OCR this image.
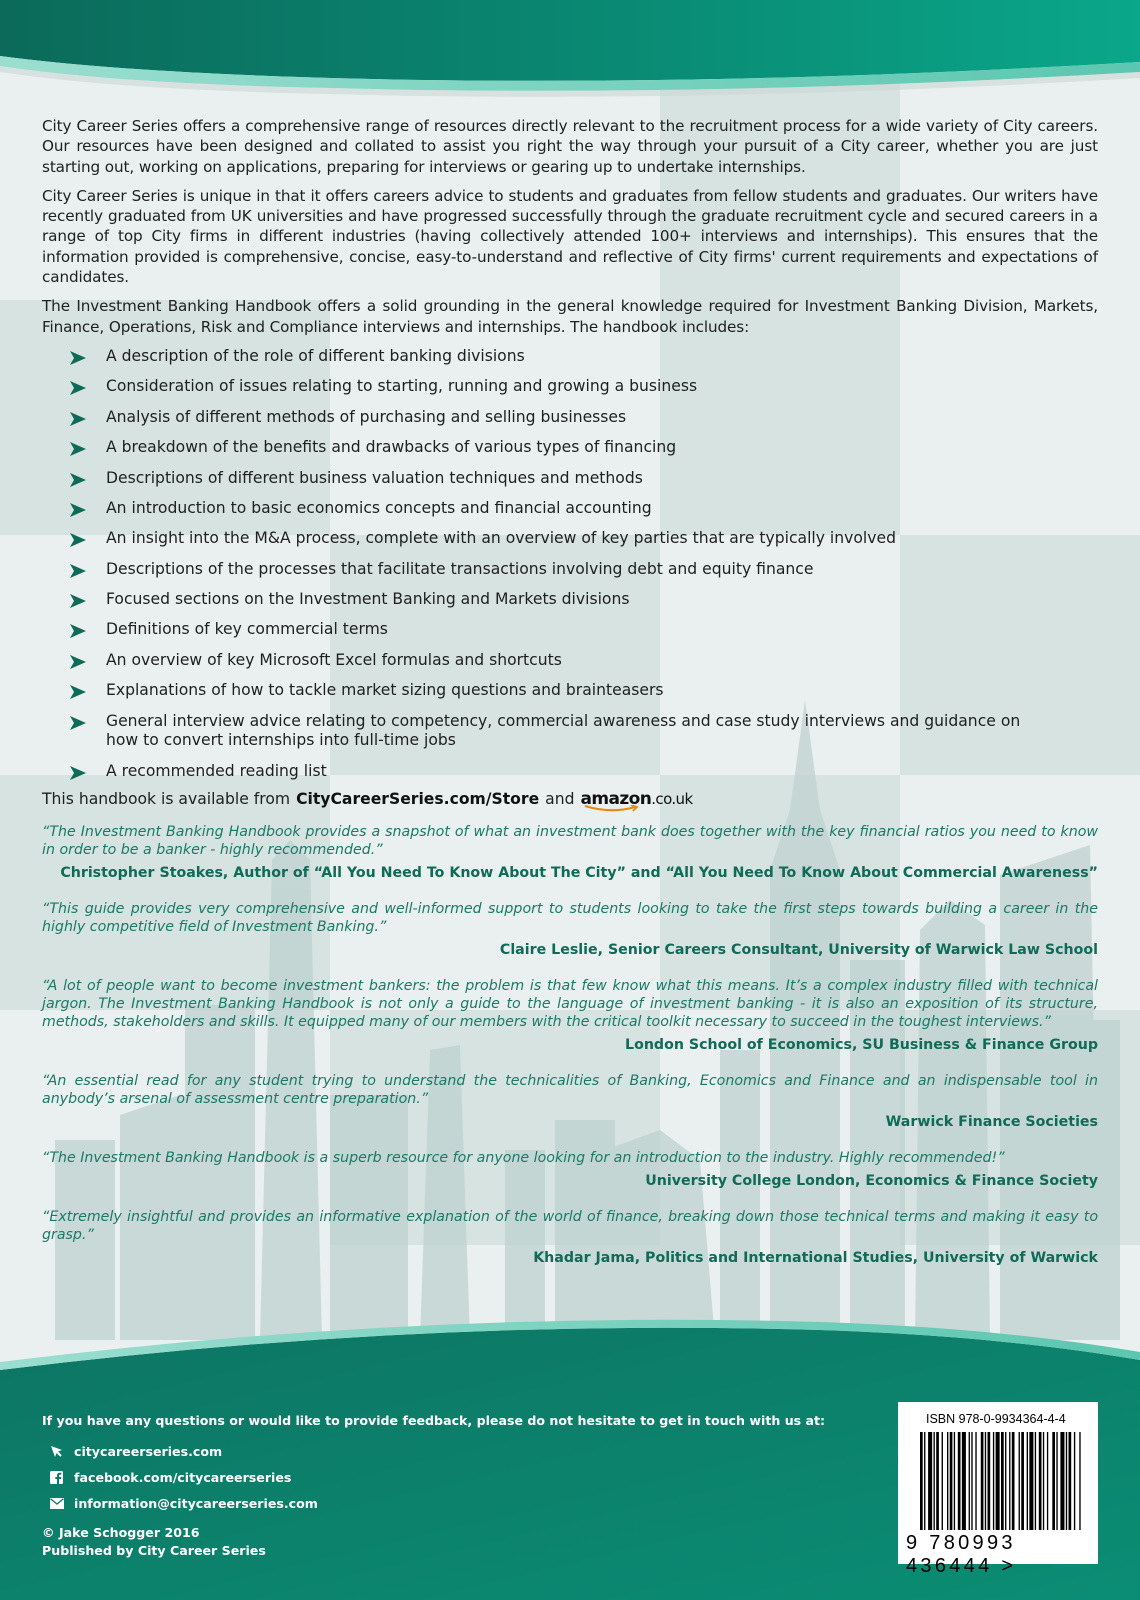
City Career Series offers a comprehensive range of resources directly relevant to the recruitment process for a wide variety of City careers. Our resources have been designed and collated to assist you right the way through your pursuit of a City career, whether you are just starting out, working on applications, preparing for interviews or gearing up to undertake internships.

City Career Series is unique in that it offers careers advice to students and graduates from fellow students and graduates. Our writers have recently graduated from UK universities and have progressed successfully through the graduate recruitment cycle and secured careers in a range of top City firms in different industries (having collectively attended 100+ interviews and internships). This ensures that the information provided is comprehensive, concise, easy-to-understand and reflective of City firms' current requirements and expectations of candidates.

The Investment Banking Handbook offers a solid grounding in the general knowledge required for Investment Banking Division, Markets, Finance, Operations, Risk and Compliance interviews and internships. The handbook includes:

A description of the role of different banking divisions
Consideration of issues relating to starting, running and growing a business
Analysis of different methods of purchasing and selling businesses
A breakdown of the benefits and drawbacks of various types of financing
Descriptions of different business valuation techniques and methods
An introduction to basic economics concepts and financial accounting
An insight into the M&A process, complete with an overview of key parties that are typically involved
Descriptions of the processes that facilitate transactions involving debt and equity finance
Focused sections on the Investment Banking and Markets divisions
Definitions of key commercial terms
An overview of key Microsoft Excel formulas and shortcuts
Explanations of how to tackle market sizing questions and brainteasers
General interview advice relating to competency, commercial awareness and case study interviews and guidance on how to convert internships into full-time jobs
A recommended reading list
This handbook is available from CityCareerSeries.com/Store and amazon.co.uk
“The Investment Banking Handbook provides a snapshot of what an investment bank does together with the key financial ratios you need to know in order to be a banker - highly recommended.”
Christopher Stoakes, Author of “All You Need To Know About The City” and “All You Need To Know About Commercial Awareness”
“This guide provides very comprehensive and well-informed support to students looking to take the first steps towards building a career in the highly competitive field of Investment Banking.”
Claire Leslie, Senior Careers Consultant, University of Warwick Law School
“A lot of people want to become investment bankers: the problem is that few know what this means. It’s a complex industry filled with technical jargon. The Investment Banking Handbook is not only a guide to the language of investment banking - it is also an exposition of its structure, methods, stakeholders and skills. It equipped many of our members with the critical toolkit necessary to succeed in the toughest interviews.”
London School of Economics, SU Business & Finance Group
“An essential read for any student trying to understand the technicalities of Banking, Economics and Finance and an indispensable tool in anybody’s arsenal of assessment centre preparation.”
Warwick Finance Societies
“The Investment Banking Handbook is a superb resource for anyone looking for an introduction to the industry. Highly recommended!”
University College London, Economics & Finance Society
“Extremely insightful and provides an informative explanation of the world of finance, breaking down those technical terms and making it easy to grasp.”
Khadar Jama, Politics and International Studies, University of Warwick
If you have any questions or would like to provide feedback, please do not hesitate to get in touch with us at:
citycareerseries.com
facebook.com/citycareerseries
information@citycareerseries.com
© Jake Schogger 2016
Published by City Career Series
ISBN 978-0-9934364-4-4
9 780993 436444 >
